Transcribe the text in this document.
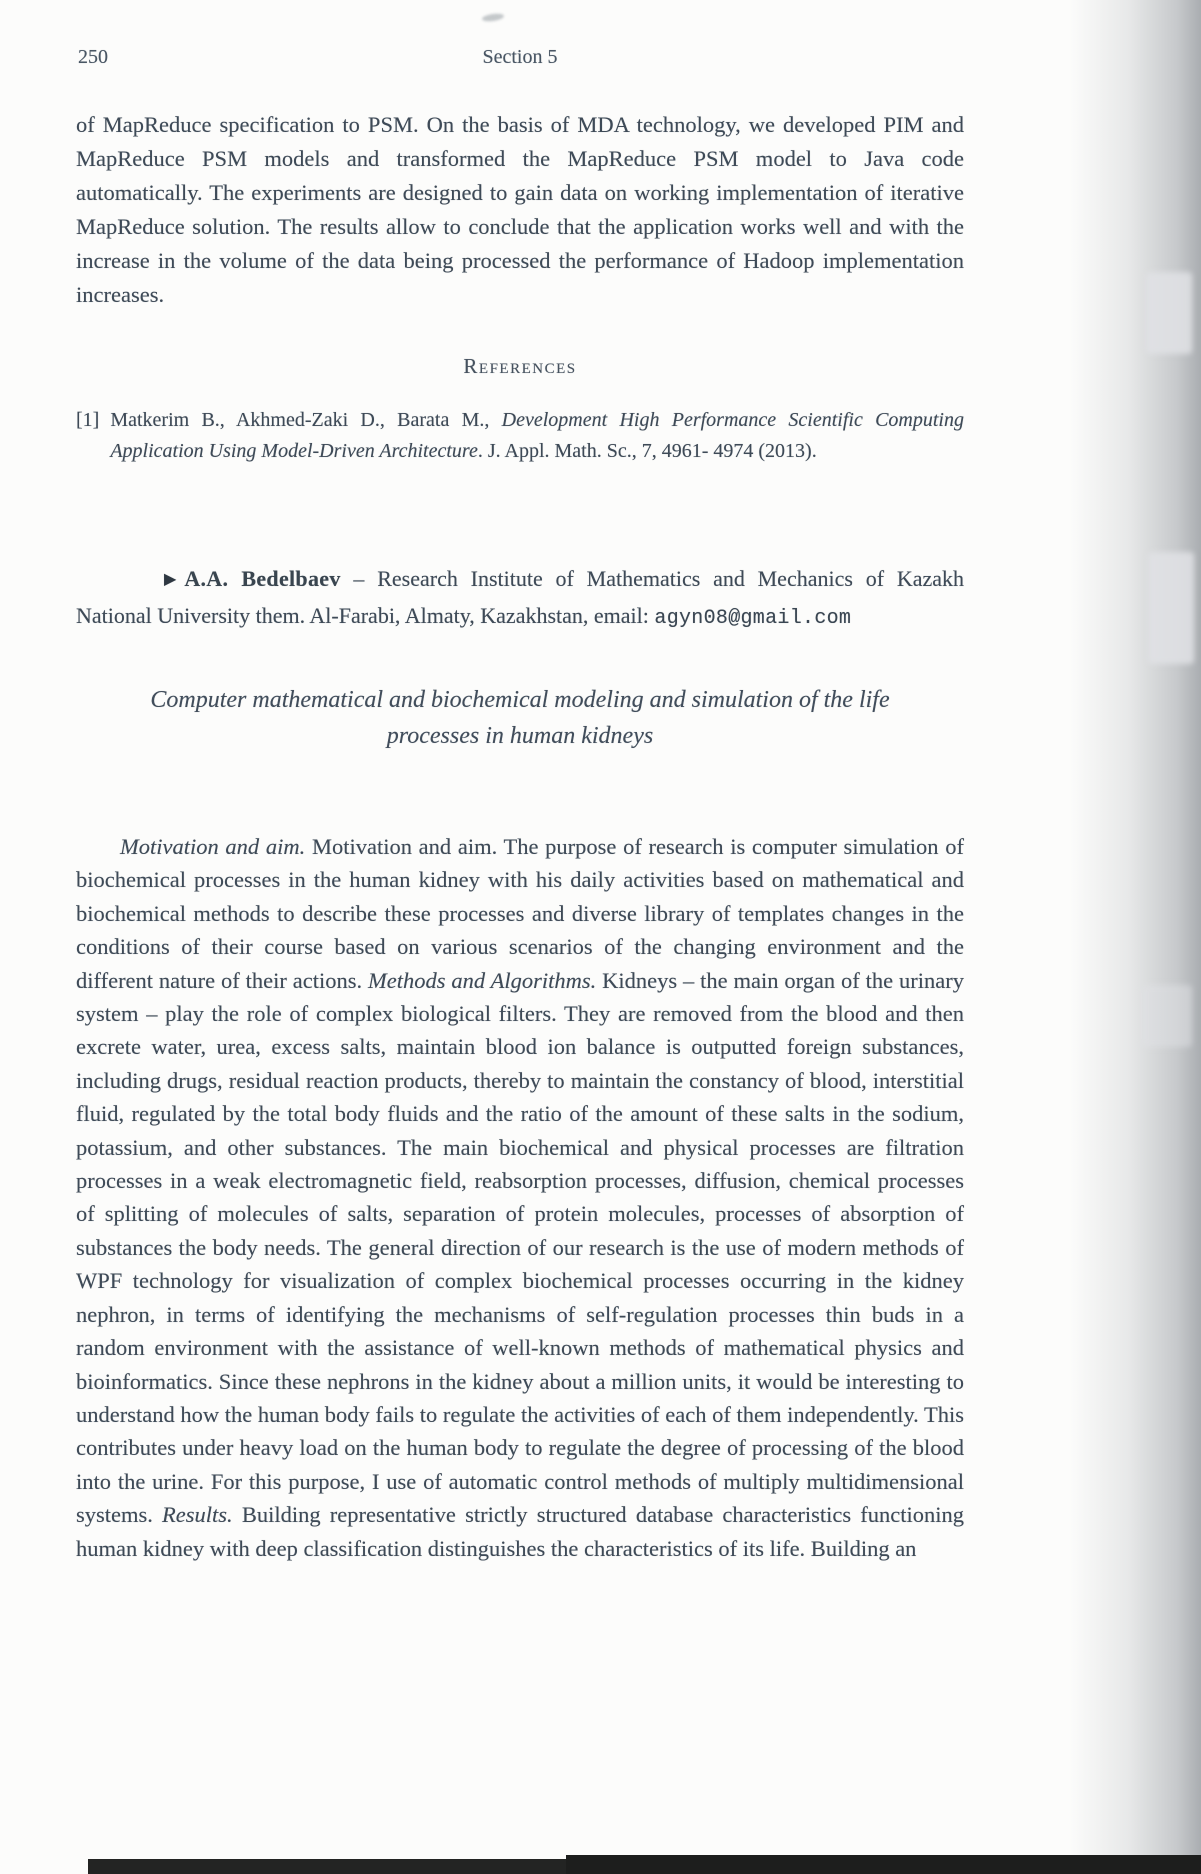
250	Section 5

of MapReduce specification to PSM. On the basis of MDA technology, we developed PIM and MapReduce PSM models and transformed the MapReduce PSM model to Java code automatically. The experiments are designed to gain data on working implementation of iterative MapReduce solution. The results allow to conclude that the application works well and with the increase in the volume of the data being processed the performance of Hadoop implementation increases.

References
[1] Matkerim B., Akhmed-Zaki D., Barata M., Development High Performance Scientific Computing Application Using Model-Driven Architecture. J. Appl. Math. Sc., 7, 4961- 4974 (2013).

▶ A.A. Bedelbaev – Research Institute of Mathematics and Mechanics of Kazakh National University them. Al-Farabi, Almaty, Kazakhstan, email: agyn08@gmail.com

Computer mathematical and biochemical modeling and simulation of the life processes in human kidneys

Motivation and aim. Motivation and aim. The purpose of research is computer simulation of biochemical processes in the human kidney with his daily activities based on mathematical and biochemical methods to describe these processes and diverse library of templates changes in the conditions of their course based on various scenarios of the changing environment and the different nature of their actions. Methods and Algorithms. Kidneys – the main organ of the urinary system – play the role of complex biological filters. They are removed from the blood and then excrete water, urea, excess salts, maintain blood ion balance is outputted foreign substances, including drugs, residual reaction products, thereby to maintain the constancy of blood, interstitial fluid, regulated by the total body fluids and the ratio of the amount of these salts in the sodium, potassium, and other substances. The main biochemical and physical processes are filtration processes in a weak electromagnetic field, reabsorption processes, diffusion, chemical processes of splitting of molecules of salts, separation of protein molecules, processes of absorption of substances the body needs. The general direction of our research is the use of modern methods of WPF technology for visualization of complex biochemical processes occurring in the kidney nephron, in terms of identifying the mechanisms of self-regulation processes thin buds in a random environment with the assistance of well-known methods of mathematical physics and bioinformatics. Since these nephrons in the kidney about a million units, it would be interesting to understand how the human body fails to regulate the activities of each of them independently. This contributes under heavy load on the human body to regulate the degree of processing of the blood into the urine. For this purpose, I use of automatic control methods of multiply multidimensional systems. Results. Building representative strictly structured database characteristics functioning human kidney with deep classification distinguishes the characteristics of its life. Building an
